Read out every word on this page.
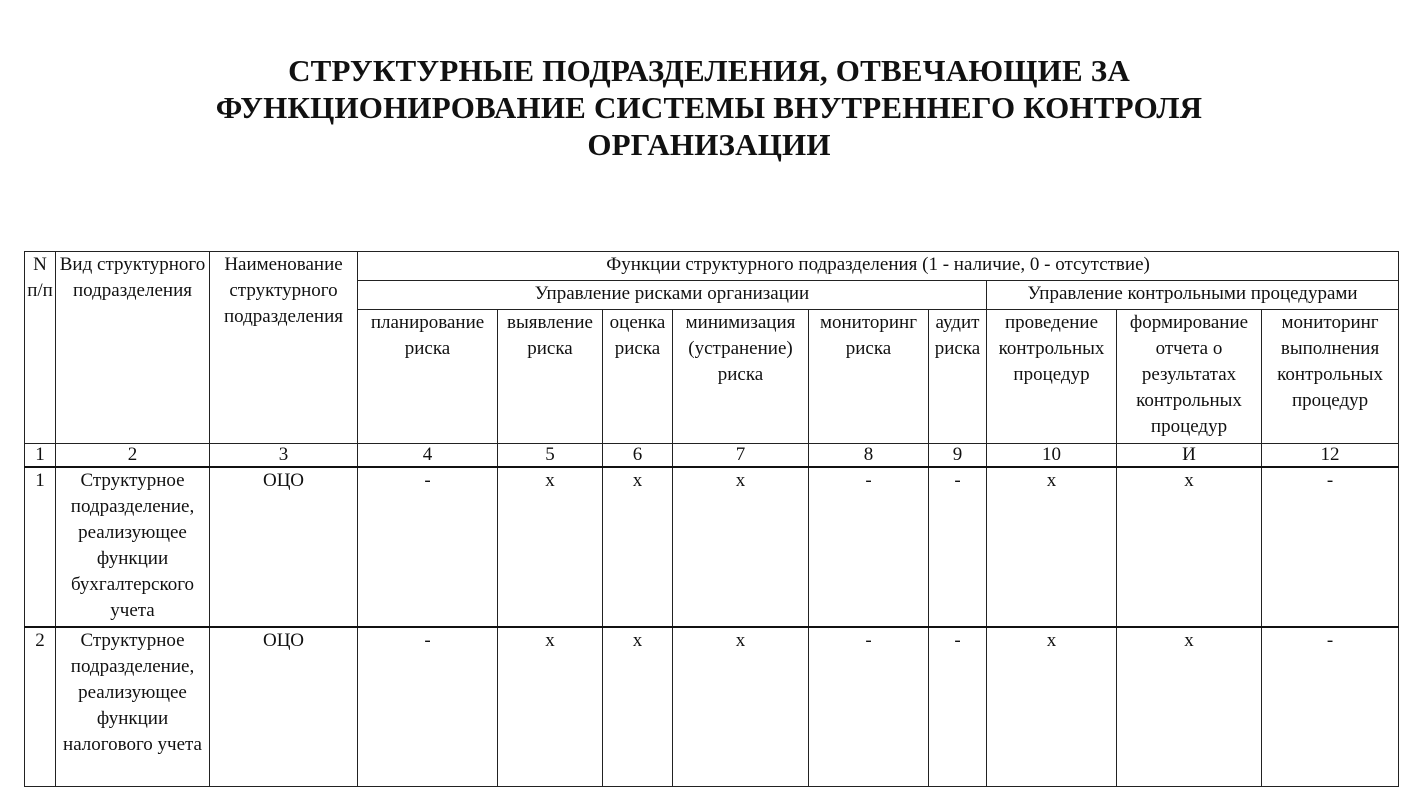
СТРУКТУРНЫЕ ПОДРАЗДЕЛЕНИЯ, ОТВЕЧАЮЩИЕ ЗА
ФУНКЦИОНИРОВАНИЕ СИСТЕМЫ ВНУТРЕННЕГО КОНТРОЛЯ
ОРГАНИЗАЦИИ
N п/п	Вид структурного подразделения	Наименование структурного подразделения	Функции структурного подразделения (1 - наличие, 0 - отсутствие)								
			Управление рисками организации						Управление контрольными процедурами		
			планирование риска	выявление риска	оценка риска	минимизация (устранение) риска	мониторинг риска	аудит риска	проведение контрольных процедур	формирование отчета о результатах контрольных процедур	мониторинг выполнения контрольных процедур
1	2	3	4	5	6	7	8	9	10	И	12
1	Структурное подразделение, реализующее функции бухгалтерского учета	ОЦО	-	х	х	х	-	-	х	х	-
2	Структурное подразделение, реализующее функции налогового учета	ОЦО	-	х	х	х	-	-	х	х	-
